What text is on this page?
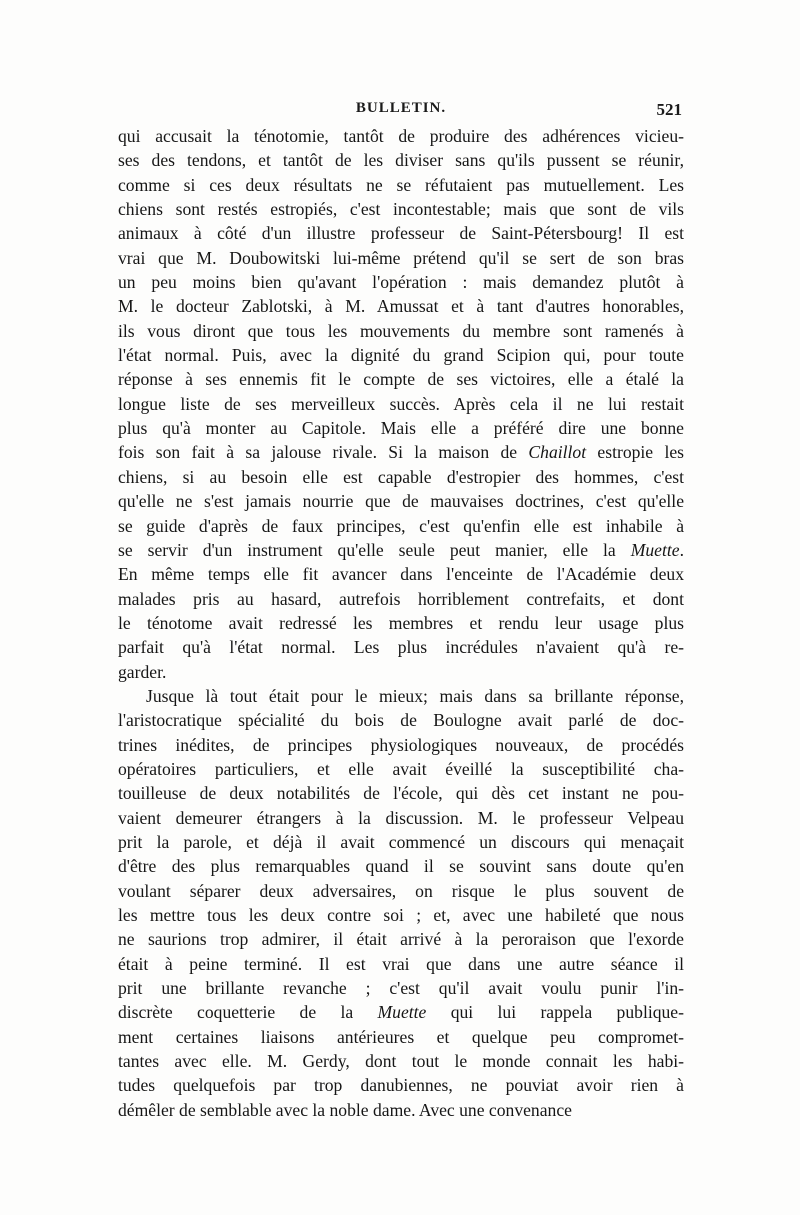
BULLETIN.	521
qui accusait la ténotomie, tantôt de produire des adhérences vicieu-
ses des tendons, et tantôt de les diviser sans qu'ils pussent se réunir,
comme si ces deux résultats ne se réfutaient pas mutuellement. Les
chiens sont restés estropiés, c'est incontestable; mais que sont de vils
animaux à côté d'un illustre professeur de Saint-Pétersbourg! Il est
vrai que M. Doubowitski lui-même prétend qu'il se sert de son bras
un peu moins bien qu'avant l'opération : mais demandez plutôt à
M. le docteur Zablotski, à M. Amussat et à tant d'autres honorables,
ils vous diront que tous les mouvements du membre sont ramenés à
l'état normal. Puis, avec la dignité du grand Scipion qui, pour toute
réponse à ses ennemis fit le compte de ses victoires, elle a étalé la
longue liste de ses merveilleux succès. Après cela il ne lui restait
plus qu'à monter au Capitole. Mais elle a préféré dire une bonne
fois son fait à sa jalouse rivale. Si la maison de Chaillot estropie les
chiens, si au besoin elle est capable d'estropier des hommes, c'est
qu'elle ne s'est jamais nourrie que de mauvaises doctrines, c'est qu'elle
se guide d'après de faux principes, c'est qu'enfin elle est inhabile à
se servir d'un instrument qu'elle seule peut manier, elle la Muette.
En même temps elle fit avancer dans l'enceinte de l'Académie deux
malades pris au hasard, autrefois horriblement contrefaits, et dont
le ténotome avait redressé les membres et rendu leur usage plus
parfait qu'à l'état normal. Les plus incrédules n'avaient qu'à re-
garder.
Jusque là tout était pour le mieux; mais dans sa brillante réponse,
l'aristocratique spécialité du bois de Boulogne avait parlé de doc-
trines inédites, de principes physiologiques nouveaux, de procédés
opératoires particuliers, et elle avait éveillé la susceptibilité cha-
touilleuse de deux notabilités de l'école, qui dès cet instant ne pou-
vaient demeurer étrangers à la discussion. M. le professeur Velpeau
prit la parole, et déjà il avait commencé un discours qui menaçait
d'être des plus remarquables quand il se souvint sans doute qu'en
voulant séparer deux adversaires, on risque le plus souvent de
les mettre tous les deux contre soi ; et, avec une habileté que nous
ne saurions trop admirer, il était arrivé à la peroraison que l'exorde
était à peine terminé. Il est vrai que dans une autre séance il
prit une brillante revanche ; c'est qu'il avait voulu punir l'in-
discrète coquetterie de la Muette qui lui rappela publique-
ment certaines liaisons antérieures et quelque peu compromet-
tantes avec elle. M. Gerdy, dont tout le monde connait les habi-
tudes quelquefois par trop danubiennes, ne pouviat avoir rien à
démêler de semblable avec la noble dame. Avec une convenance
